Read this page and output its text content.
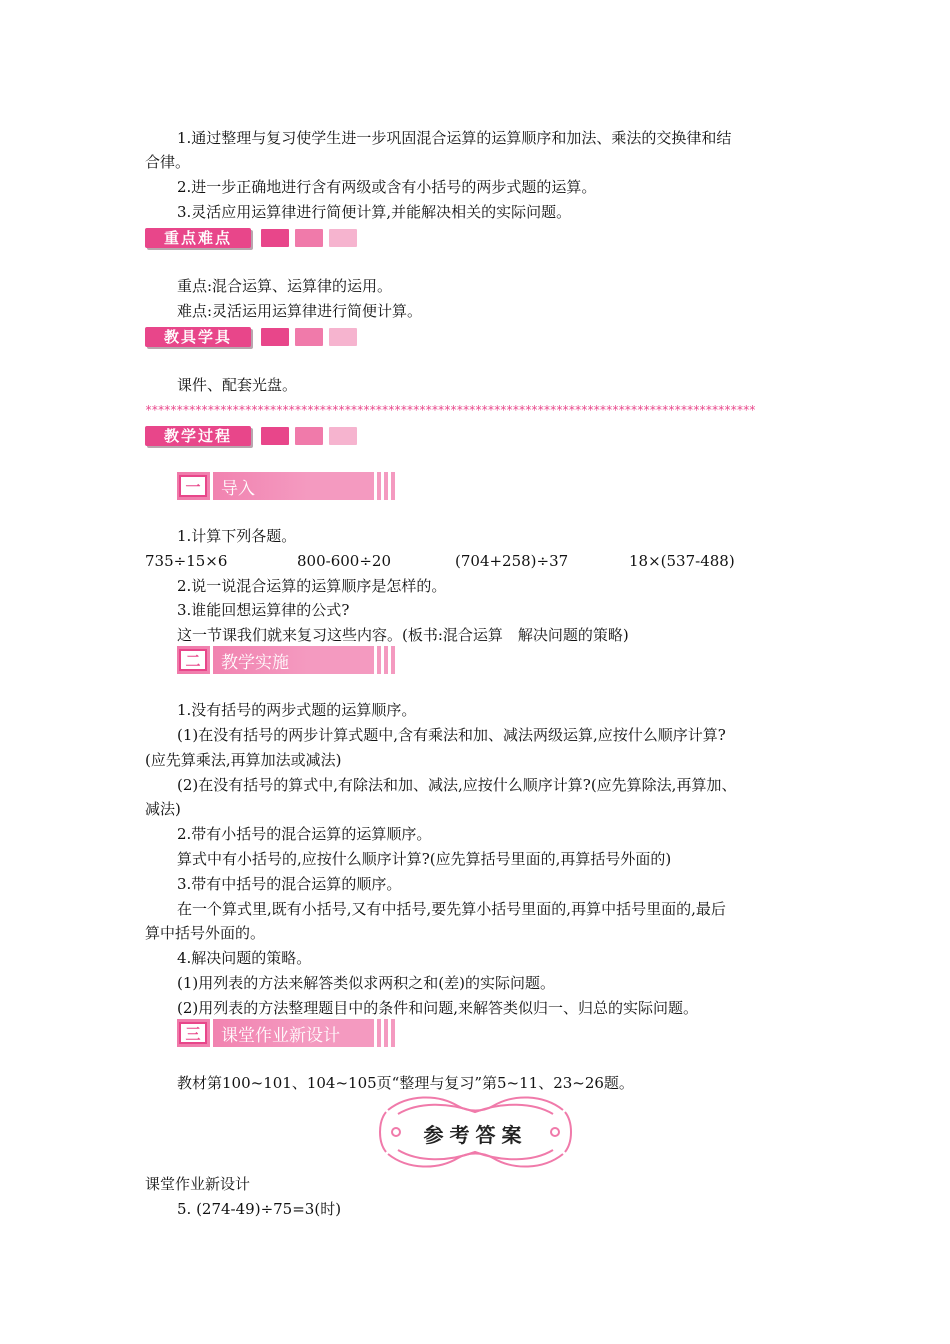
1.通过整理与复习使学生进一步巩固混合运算的运算顺序和加法、乘法的交换律和结
合律。
2.进一步正确地进行含有两级或含有小括号的两步式题的运算。
3.灵活应用运算律进行简便计算,并能解决相关的实际问题。
重点难点
重点:混合运算、运算律的运用。
难点:灵活运用运算律进行简便计算。
教具学具
课件、配套光盘。
**************************************************************************************************
教学过程
一	导入
1.计算下列各题。
735÷15×6	800-600÷20	(704+258)÷37	18×(537-488)
2.说一说混合运算的运算顺序是怎样的。
3.谁能回想运算律的公式?
这一节课我们就来复习这些内容。(板书:混合运算　解决问题的策略)
二	教学实施
1.没有括号的两步式题的运算顺序。
(1)在没有括号的两步计算式题中,含有乘法和加、减法两级运算,应按什么顺序计算?
(应先算乘法,再算加法或减法)
(2)在没有括号的算式中,有除法和加、减法,应按什么顺序计算?(应先算除法,再算加、
减法)
2.带有小括号的混合运算的运算顺序。
算式中有小括号的,应按什么顺序计算?(应先算括号里面的,再算括号外面的)
3.带有中括号的混合运算的顺序。
在一个算式里,既有小括号,又有中括号,要先算小括号里面的,再算中括号里面的,最后
算中括号外面的。
4.解决问题的策略。
(1)用列表的方法来解答类似求两积之和(差)的实际问题。
(2)用列表的方法整理题目中的条件和问题,来解答类似归一、归总的实际问题。
三	课堂作业新设计
教材第100~101、104~105页“整理与复习”第5~11、23~26题。
参考答案
课堂作业新设计
5. (274-49)÷75=3(时)
